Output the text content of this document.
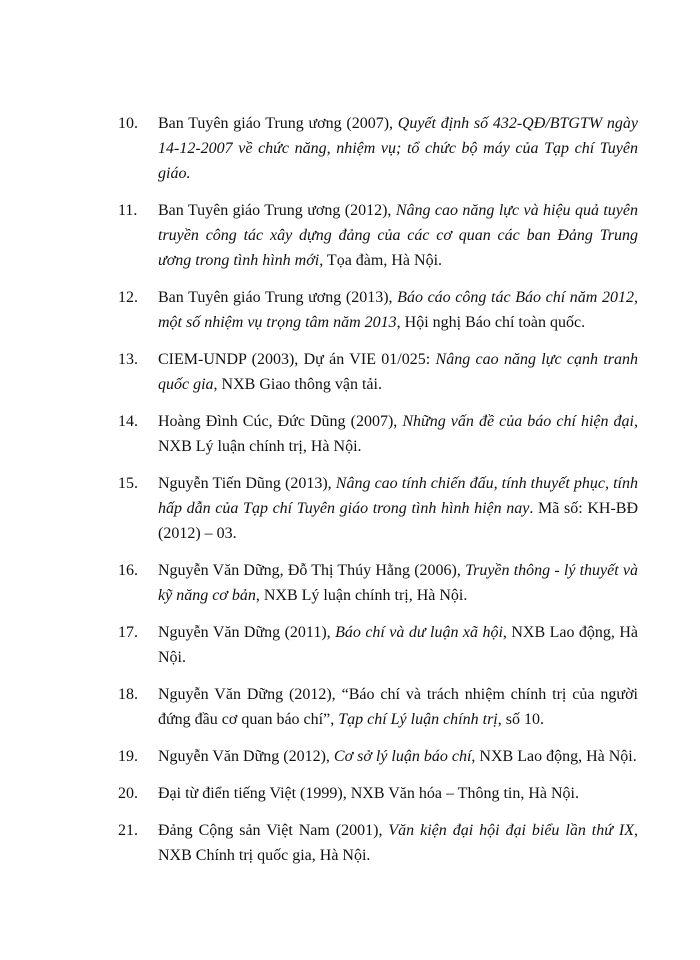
10. Ban Tuyên giáo Trung ương (2007), Quyết định số 432-QĐ/BTGTW ngày 14-12-2007 về chức năng, nhiệm vụ; tổ chức bộ máy của Tạp chí Tuyên giáo.
11. Ban Tuyên giáo Trung ương (2012), Nâng cao năng lực và hiệu quả tuyên truyền công tác xây dựng đảng của các cơ quan các ban Đảng Trung ương trong tình hình mới, Tọa đàm, Hà Nội.
12. Ban Tuyên giáo Trung ương (2013), Báo cáo công tác Báo chí năm 2012, một số nhiệm vụ trọng tâm năm 2013, Hội nghị Báo chí toàn quốc.
13. CIEM-UNDP (2003), Dự án VIE 01/025: Nâng cao năng lực cạnh tranh quốc gia, NXB Giao thông vận tải.
14. Hoàng Đình Cúc, Đức Dũng (2007), Những vấn đề của báo chí hiện đại, NXB Lý luận chính trị, Hà Nội.
15. Nguyễn Tiến Dũng (2013), Nâng cao tính chiến đấu, tính thuyết phục, tính hấp dẫn của Tạp chí Tuyên giáo trong tình hình hiện nay. Mã số: KH-BĐ (2012) – 03.
16. Nguyễn Văn Dững, Đỗ Thị Thúy Hằng (2006), Truyền thông - lý thuyết và kỹ năng cơ bản, NXB Lý luận chính trị, Hà Nội.
17. Nguyễn Văn Dững (2011), Báo chí và dư luận xã hội, NXB Lao động, Hà Nội.
18. Nguyễn Văn Dững (2012), “Báo chí và trách nhiệm chính trị của người đứng đầu cơ quan báo chí”, Tạp chí Lý luận chính trị, số 10.
19. Nguyễn Văn Dững (2012), Cơ sở lý luận báo chí, NXB Lao động, Hà Nội.
20. Đại từ điển tiếng Việt (1999), NXB Văn hóa – Thông tin, Hà Nội.
21. Đảng Cộng sản Việt Nam (2001), Văn kiện đại hội đại biểu lần thứ IX, NXB Chính trị quốc gia, Hà Nội.
